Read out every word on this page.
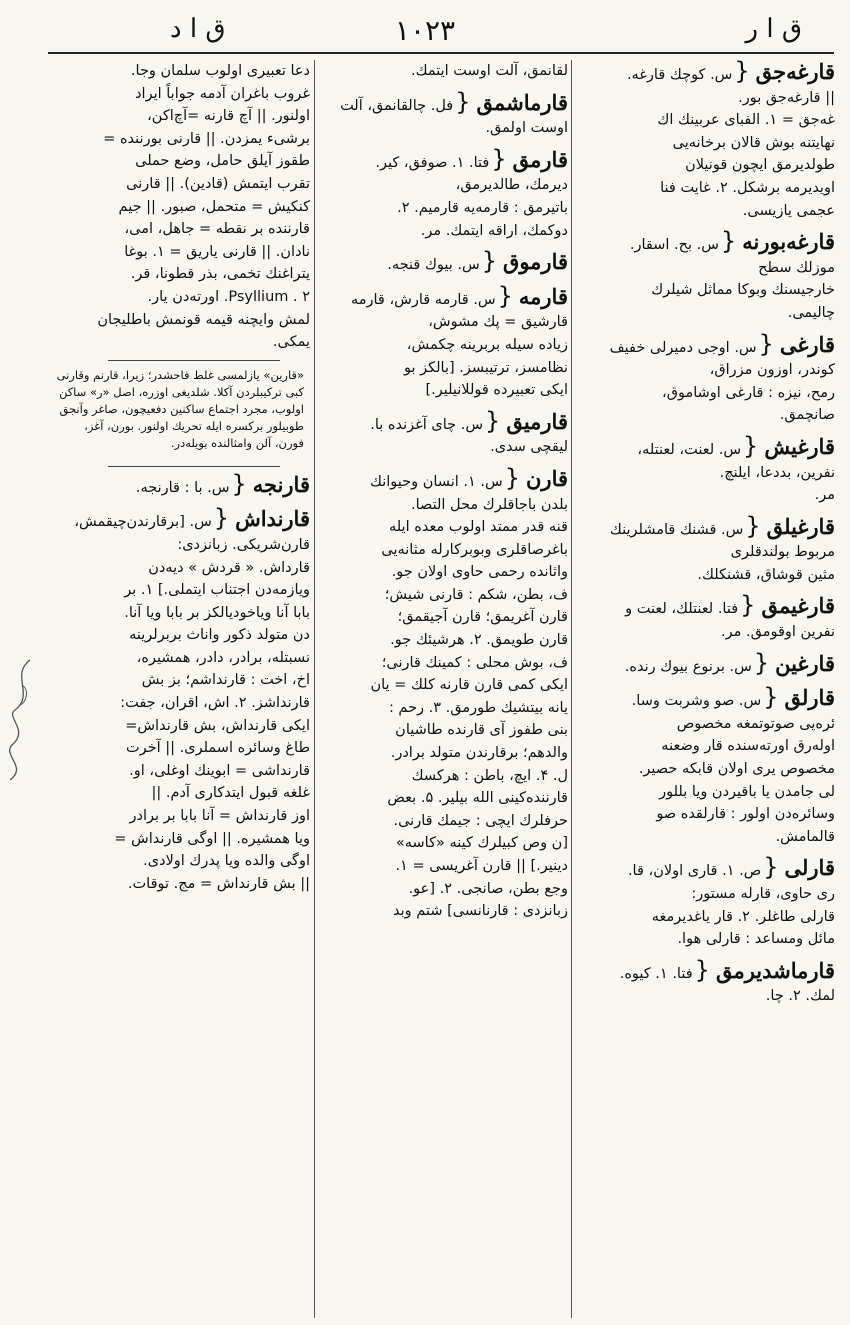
ق ا ر
۱۰۲۳
ق ا د
قارغه‌جق{س. كوچك قارغه.

|| قارغه‌جق بور.
غه‌جق = ۱. الفبای عربینك اك
نهایتنه بوش قالان برخانه‌یی
طولدیرمق ایچون قونیلان
اویدیرمه برشكل. ۲. غایت فنا
عجمی یازیسی.
قارغه‌بورنه{س. بح. اسقار.

موزلك سطح
خارجیسنك وبوكا مماثل شیلرك
چالیمی.
قارغی{س. اوجی دمیرلی خفیف

كوندر، اوزون مزراق،
رمح، نیزه : قارغی اوشاموق،
صانچمق.
قارغیش{س. لعنت، لعنتله،

نفرین، بددعا، ایلنچ.
مر.
قارغیلق{س. قشنك قامشلرینك

مربوط بولندقلری
مثین قوشاق، قشنكلك.
قارغیمق{فتا. لعنتلك، لعنت و

نفرین اوقومق. مر.
قارغین{س. برنوع بیوك رنده.

قارلق{س. صو وشربت وسا.

ئره‌یی صوتوتمغه مخصوص
اوله‌رق اورته‌سنده قار وضعنه
مخصوص یری اولان قابكه حصیر.
لی جامدن یا باقیردن ویا بللور
وسائره‌دن اولور : قارلقده صو
قالمامش.
قارلی{ص. ۱. قاری اولان، قا.

ری حاوی، قارله مستور:
قارلی طاغلر. ۲. قار یاغدیرمغه
مائل ومساعد : قارلی هوا.
قارماشدیرمق{فتا. ۱. كیوه.

لمك. ۲. چا.
لقانمق، آلت اوست ایتمك.
قارماشمق{فل. چالقانمق، آلت

اوست اولمق.
قارمق{فتا. ۱. صوفق، كیر.

دیرمك، طالدیرمق،
باتیرمق : قارمه‌یه قارمیم. ۲.
دوكمك، اراقه ایتمك. مر.
قارموق{س. بیوك قنجه.

قارمه{س. قارمه قارش، قارمه

قارشیق = پك مشوش،
زیاده سیله بربرینه چكمش،
نظامسز، ترتیبسز. [بالكز بو
ایكی تعبیرده قوللانیلیر.]
قارمیق{س. چای آغزنده با.

لیقچی سدی.
قارن{س. ۱. انسان وحیوانك

بلدن باجاقلرك محل التصا.
قنه قدر ممتد اولوب معده ایله
باغرصاقلری وبوبركارله مثانه‌یی
واثانده رحمی حاوی اولان جو.
ف، بطن، شكم : قارنی شیش؛
قارن آغریمق؛ قارن آجیقمق؛
قارن طویمق. ۲. هرشیئك جو.
ف، بوش محلی : كمینك قارنی؛
ایكی كمی قارن قارنه كلك = یان
یانه بیتشیك طورمق. ۳. رحم :
بنی طفوز آی قارنده طاشیان
والدهم؛ برقارندن متولد برادر.
ل. ۴. ایچ، باطن : هركسك
قارننده‌كینی الله بیلیر. ۵. بعض
حرفلرك ایچی : جیمك قارنی.
[ن وص كبیلرك كینه «كاسه»
دینیر.] || قارن آغریسی = ۱.
وجع بطن، صانجی. ۲. [عو.
زبانزدی : قارنانسی] شتم وبد
دعا تعبیری اولوب سلمان وجا.
غروب باغران آدمه جواباً ایراد
اولنور. || آچ قارنه =آچ‌اكن،
برشیء یمزدن. || قارنی بورننده =
طقوز آیلق حامل، وضع حملی
تقرب ایتمش (قادین). || قارنی
كنكیش = متحمل، صبور. || جیم
قارننده بر نقطه = جاهل، امی،
نادان. || قارنی یاریق = ۱. بوغا
یتراغنك تخمی، بذر قطونا، قر.
Psyllium . ۲. اورته‌دن یار.
لمش وایچنه قیمه قونمش باطلیجان
یمكی.
«قارین» یازلمسی غلط فاحشدر؛ زیرا، قارنم وقارنی كبی تركیبلردن آكلا. شلدیغی اوزره، اصل «ر» ساكن اولوب، مجرد اجتماع ساكنین دفعیچون، صاغر وآنجق طوبیلور بركسره ایله تحریك اولنور. بورن، آغز، فورن، آلن وامثالنده بویله‌در.
قارنجه{س. با : قارنجه.

قارنداش{س. [برقارندن‌چیقمش،

قارن‌شریكی. زبانزدی:
قارداش. « قردش » دیه‌دن
ویازمه‌دن اجتناب ایتملی.] ۱. بر
بابا آنا ویاخودیالكز بر بابا ویا آنا.
دن متولد ذكور واناث بربرلرینه
نسبتله، برادر، دادر، همشیره،
اخ، اخت : قارنداشم؛ بز بش
قارنداشز. ۲. اش، اقران، جفت:
ایكی قارنداش، بش قارنداش=
طاغ وسائره اسملری. || آخرت
قارنداشی = ابوینك اوغلی، او.
غلغه قبول ایتدكاری آدم. ||
اوز قارنداش = آنا بابا بر برادر
ویا همشیره. || اوگی قارنداش =
اوگی والده ویا پدرك اولادی.
|| بش قارنداش = مج. توقات.
